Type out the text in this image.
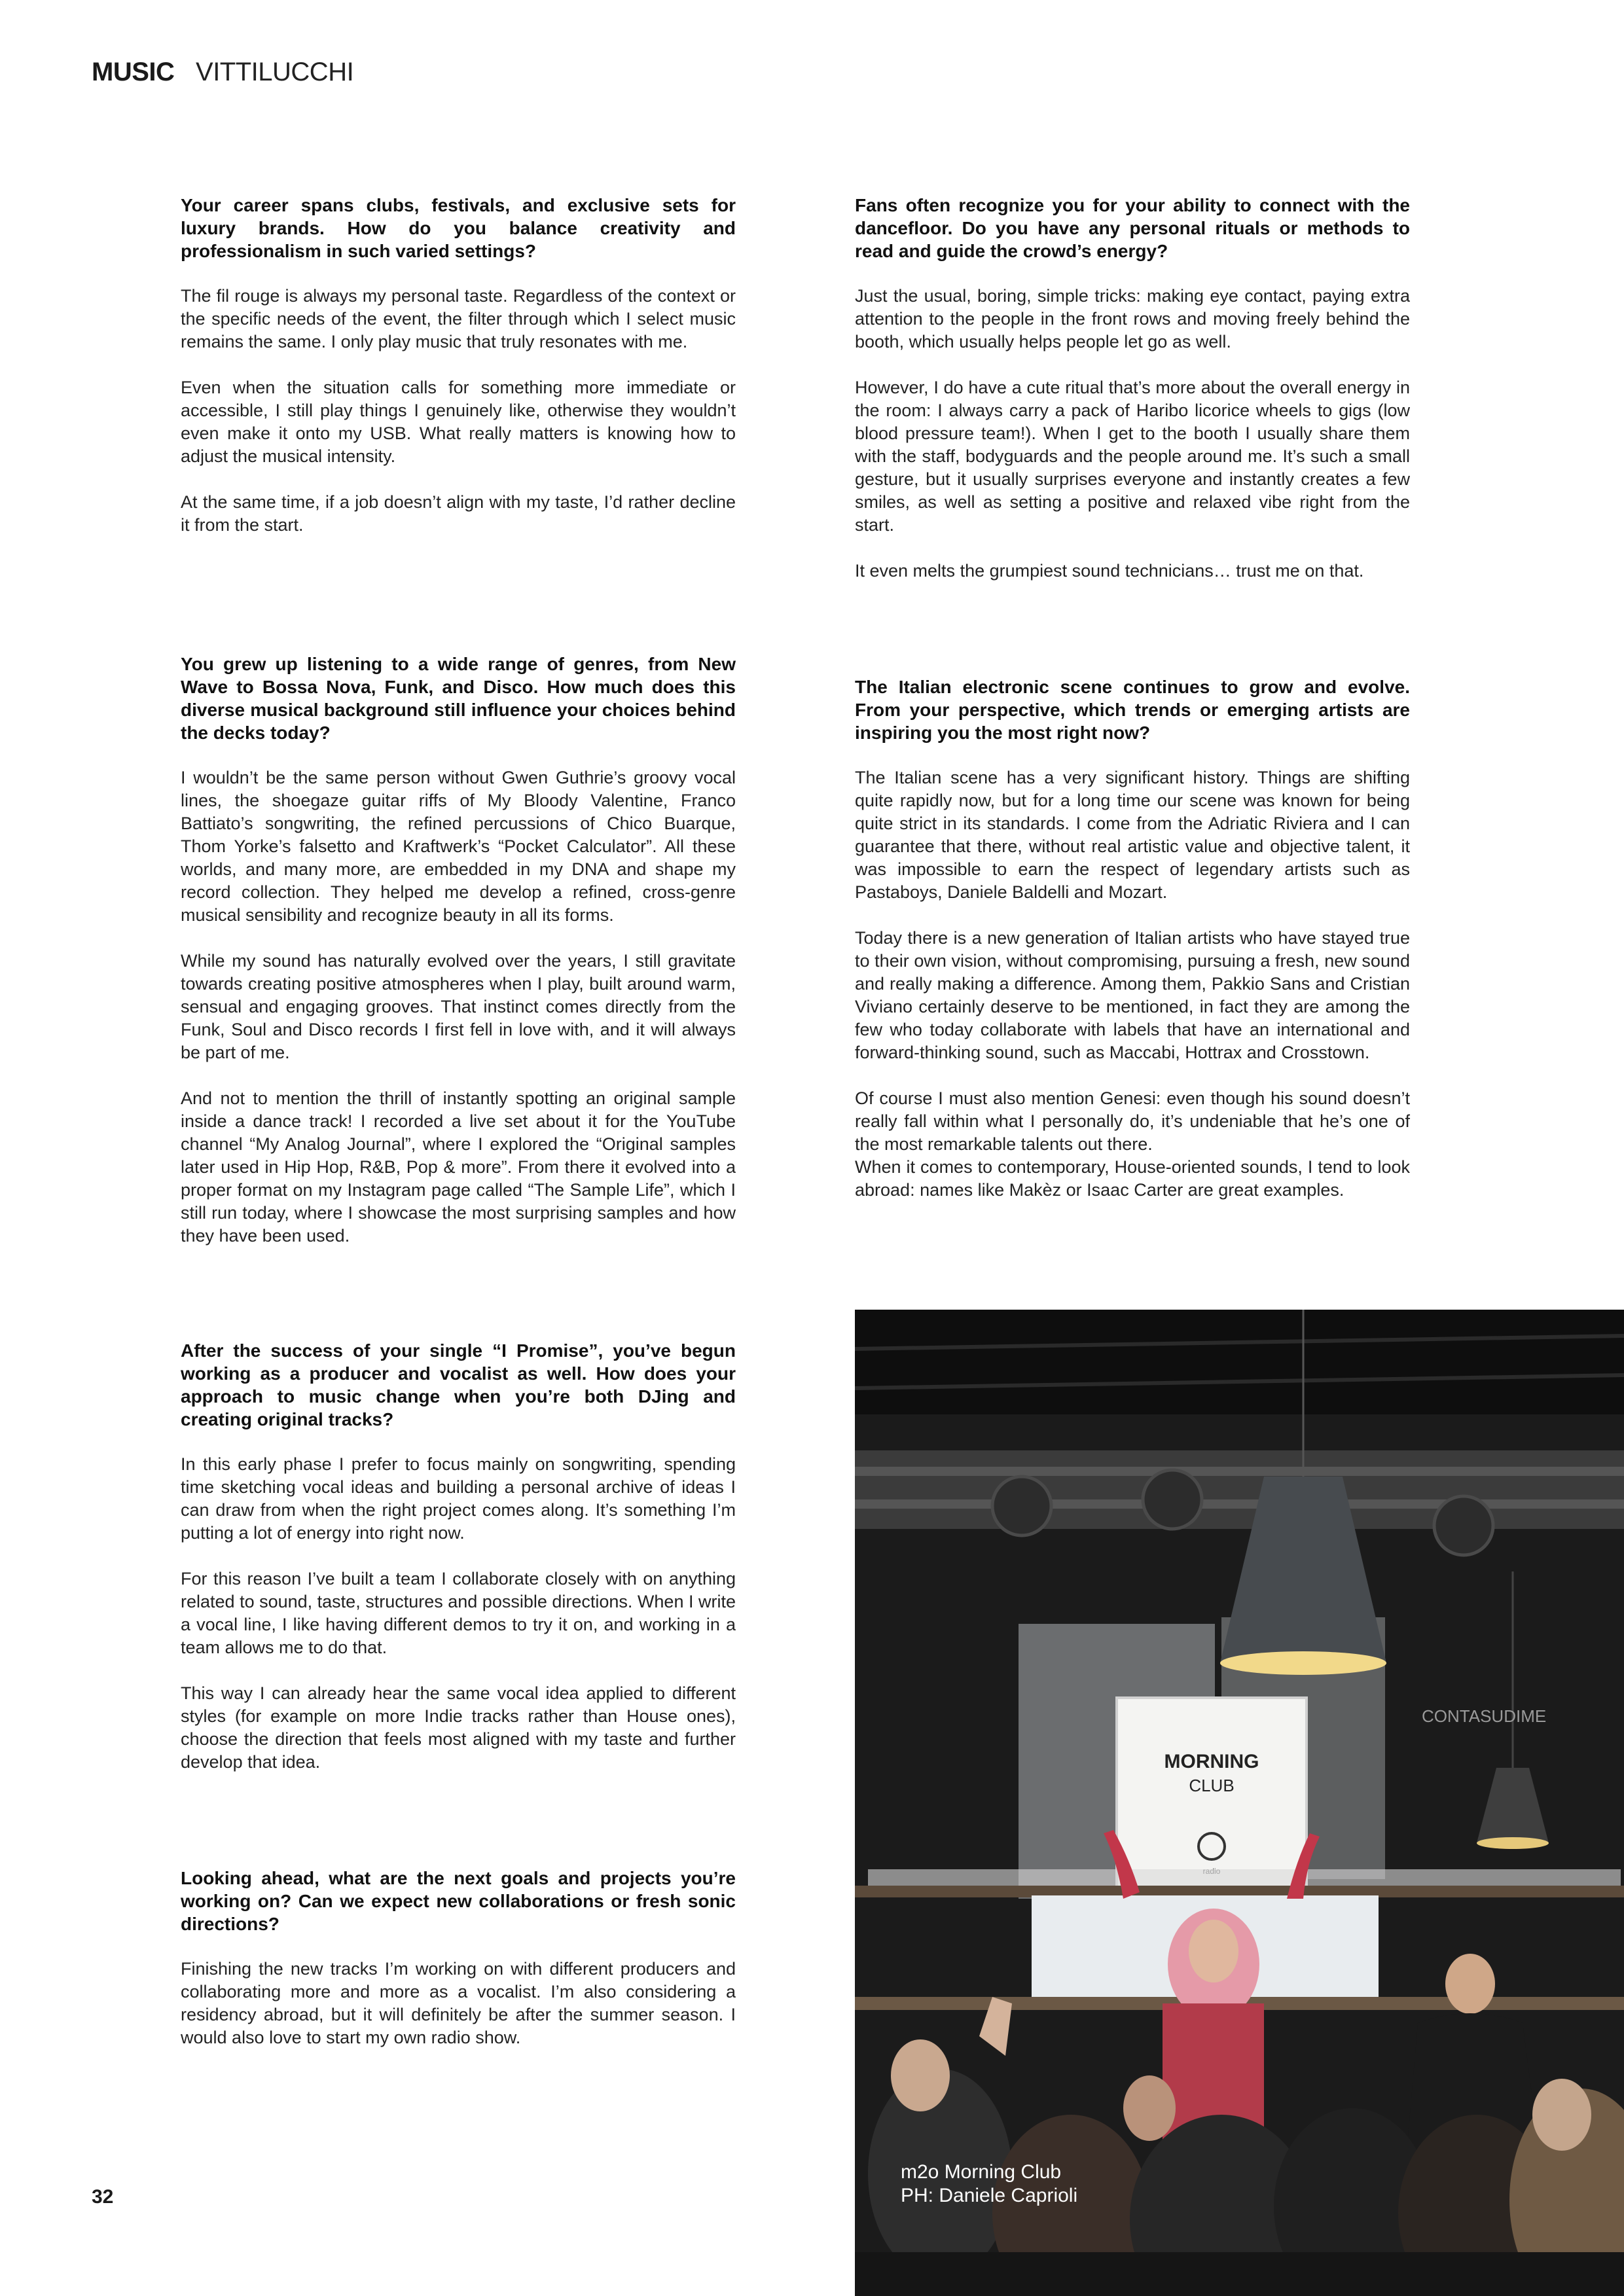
MUSIC VITTILUCCHI

Your career spans clubs, festivals, and exclusive sets for luxury brands. How do you balance creativity and professionalism in such varied settings?

The fil rouge is always my personal taste. Regardless of the context or the specific needs of the event, the filter through which I select music remains the same. I only play music that truly resonates with me.

Even when the situation calls for something more immediate or accessible, I still play things I genuinely like, otherwise they wouldn’t even make it onto my USB. What really matters is knowing how to adjust the musical intensity.

At the same time, if a job doesn’t align with my taste, I’d rather decline it from the start.

You grew up listening to a wide range of genres, from New Wave to Bossa Nova, Funk, and Disco. How much does this diverse musical background still influence your choices behind the decks today?

I wouldn’t be the same person without Gwen Guthrie’s groovy vocal lines, the shoegaze guitar riffs of My Bloody Valentine, Franco Battiato’s songwriting, the refined percussions of Chico Buarque, Thom Yorke’s falsetto and Kraftwerk’s “Pocket Calculator”. All these worlds, and many more, are embedded in my DNA and shape my record collection. They helped me develop a refined, cross-genre musical sensibility and recognize beauty in all its forms.

While my sound has naturally evolved over the years, I still gravitate towards creating positive atmospheres when I play, built around warm, sensual and engaging grooves. That instinct comes directly from the Funk, Soul and Disco records I first fell in love with, and it will always be part of me.

And not to mention the thrill of instantly spotting an original sample inside a dance track! I recorded a live set about it for the YouTube channel “My Analog Journal”, where I explored the “Original samples later used in Hip Hop, R&B, Pop & more”. From there it evolved into a proper format on my Instagram page called “The Sample Life”, which I still run today, where I showcase the most surprising samples and how they have been used.

After the success of your single “I Promise”, you’ve begun working as a producer and vocalist as well. How does your approach to music change when you’re both DJing and creating original tracks?

In this early phase I prefer to focus mainly on songwriting, spending time sketching vocal ideas and building a personal archive of ideas I can draw from when the right project comes along. It’s something I’m putting a lot of energy into right now.

For this reason I’ve built a team I collaborate closely with on anything related to sound, taste, structures and possible directions. When I write a vocal line, I like having different demos to try it on, and working in a team allows me to do that.

This way I can already hear the same vocal idea applied to different styles (for example on more Indie tracks rather than House ones), choose the direction that feels most aligned with my taste and further develop that idea.

Looking ahead, what are the next goals and projects you’re working on? Can we expect new collaborations or fresh sonic directions?

Finishing the new tracks I’m working on with different producers and collaborating more and more as a vocalist. I’m also considering a residency abroad, but it will definitely be after the summer season. I would also love to start my own radio show.

Fans often recognize you for your ability to connect with the dancefloor. Do you have any personal rituals or methods to read and guide the crowd’s energy?

Just the usual, boring, simple tricks: making eye contact, paying extra attention to the people in the front rows and moving freely behind the booth, which usually helps people let go as well.

However, I do have a cute ritual that’s more about the overall energy in the room: I always carry a pack of Haribo licorice wheels to gigs (low blood pressure team!). When I get to the booth I usually share them with the staff, bodyguards and the people around me. It’s such a small gesture, but it usually surprises everyone and instantly creates a few smiles, as well as setting a positive and relaxed vibe right from the start.

It even melts the grumpiest sound technicians… trust me on that.

The Italian electronic scene continues to grow and evolve. From your perspective, which trends or emerging artists are inspiring you the most right now?

The Italian scene has a very significant history. Things are shifting quite rapidly now, but for a long time our scene was known for being quite strict in its standards. I come from the Adriatic Riviera and I can guarantee that there, without real artistic value and objective talent, it was impossible to earn the respect of legendary artists such as Pastaboys, Daniele Baldelli and Mozart.

Today there is a new generation of Italian artists who have stayed true to their own vision, without compromising, pursuing a fresh, new sound and really making a difference. Among them, Pakkio Sans and Cristian Viviano certainly deserve to be mentioned, in fact they are among the few who today collaborate with labels that have an international and forward-thinking sound, such as Maccabi, Hottrax and Crosstown.

Of course I must also mention Genesi: even though his sound doesn’t really fall within what I personally do, it’s undeniable that he’s one of the most remarkable talents out there.

When it comes to contemporary, House-oriented sounds, I tend to look abroad: names like Makèz or Isaac Carter are great examples.

32
MORNING
CLUB
CONTASUDIME
m2o Morning Club
PH: Daniele Caprioli
